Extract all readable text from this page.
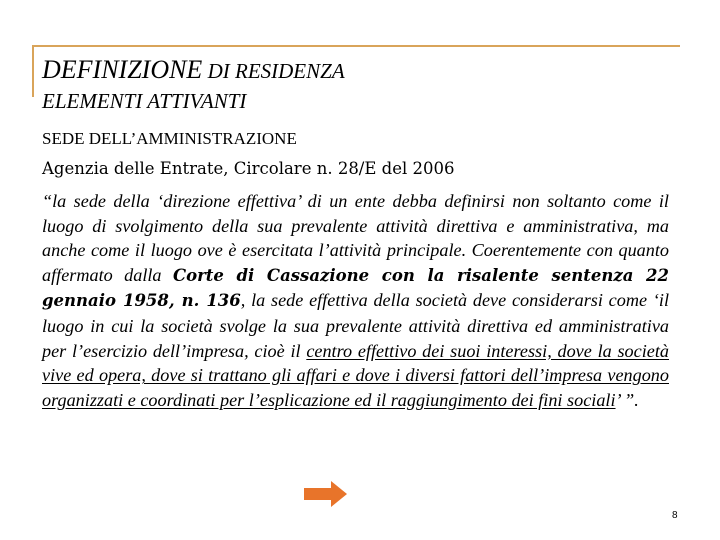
DEFINIZIONE DI RESIDENZA
ELEMENTI ATTIVANTI
SEDE DELL’AMMINISTRAZIONE
Agenzia delle Entrate, Circolare n. 28/E del 2006
“la sede della ‘direzione effettiva’ di un ente debba definirsi non soltanto come il luogo di svolgimento della sua prevalente attività direttiva e amministrativa, ma anche come il luogo ove è esercitata l’attività principale. Coerentemente con quanto affermato dalla Corte di Cassazione con la risalente sentenza 22 gennaio 1958, n. 136, la sede effettiva della società deve considerarsi come ‘il luogo in cui la società svolge la sua prevalente attività direttiva ed amministrativa per l’esercizio dell’impresa, cioè il centro effettivo dei suoi interessi, dove la società vive ed opera, dove si trattano gli affari e dove i diversi fattori dell’impresa vengono organizzati e coordinati per l’esplicazione ed il raggiungimento dei fini sociali’ ”.
8
